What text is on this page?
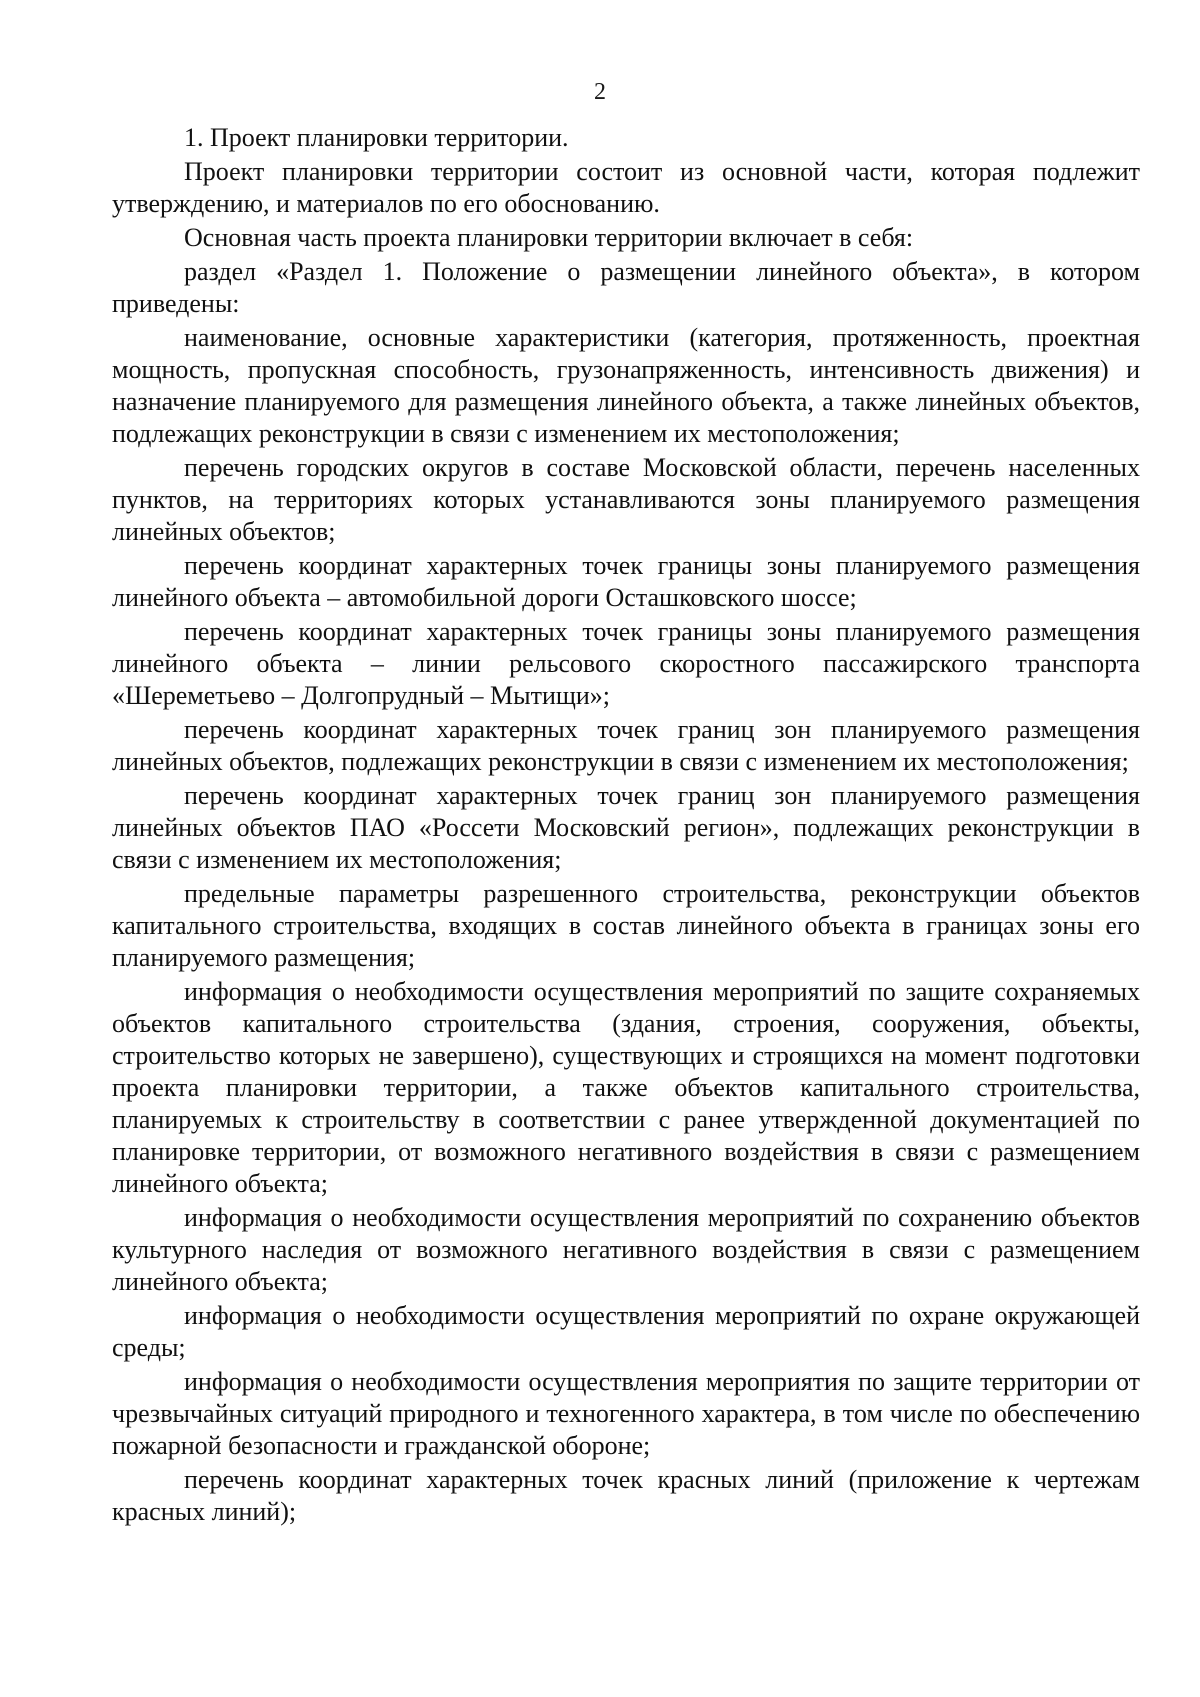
2

1. Проект планировки территории.

Проект планировки территории состоит из основной части, которая подлежит утверждению, и материалов по его обоснованию.

Основная часть проекта планировки территории включает в себя:

раздел «Раздел 1. Положение о размещении линейного объекта», в котором приведены:

наименование, основные характеристики (категория, протяженность, проектная мощность, пропускная способность, грузонапряженность, интенсивность движения) и назначение планируемого для размещения линейного объекта, а также линейных объектов, подлежащих реконструкции в связи с изменением их местоположения;

перечень городских округов в составе Московской области, перечень населенных пунктов, на территориях которых устанавливаются зоны планируемого размещения линейных объектов;

перечень координат характерных точек границы зоны планируемого размещения линейного объекта – автомобильной дороги Осташковского шоссе;

перечень координат характерных точек границы зоны планируемого размещения линейного объекта – линии рельсового скоростного пассажирского транспорта «Шереметьево – Долгопрудный – Мытищи»;

перечень координат характерных точек границ зон планируемого размещения линейных объектов, подлежащих реконструкции в связи с изменением их местоположения;

перечень координат характерных точек границ зон планируемого размещения линейных объектов ПАО «Россети Московский регион», подлежащих реконструкции в связи с изменением их местоположения;

предельные параметры разрешенного строительства, реконструкции объектов капитального строительства, входящих в состав линейного объекта в границах зоны его планируемого размещения;

информация о необходимости осуществления мероприятий по защите сохраняемых объектов капитального строительства (здания, строения, сооружения, объекты, строительство которых не завершено), существующих и строящихся на момент подготовки проекта планировки территории, а также объектов капитального строительства, планируемых к строительству в соответствии с ранее утвержденной документацией по планировке территории, от возможного негативного воздействия в связи с размещением линейного объекта;

информация о необходимости осуществления мероприятий по сохранению объектов культурного наследия от возможного негативного воздействия в связи с размещением линейного объекта;

информация о необходимости осуществления мероприятий по охране окружающей среды;

информация о необходимости осуществления мероприятия по защите территории от чрезвычайных ситуаций природного и техногенного характера, в том числе по обеспечению пожарной безопасности и гражданской обороне;

перечень координат характерных точек красных линий (приложение к чертежам красных линий);
